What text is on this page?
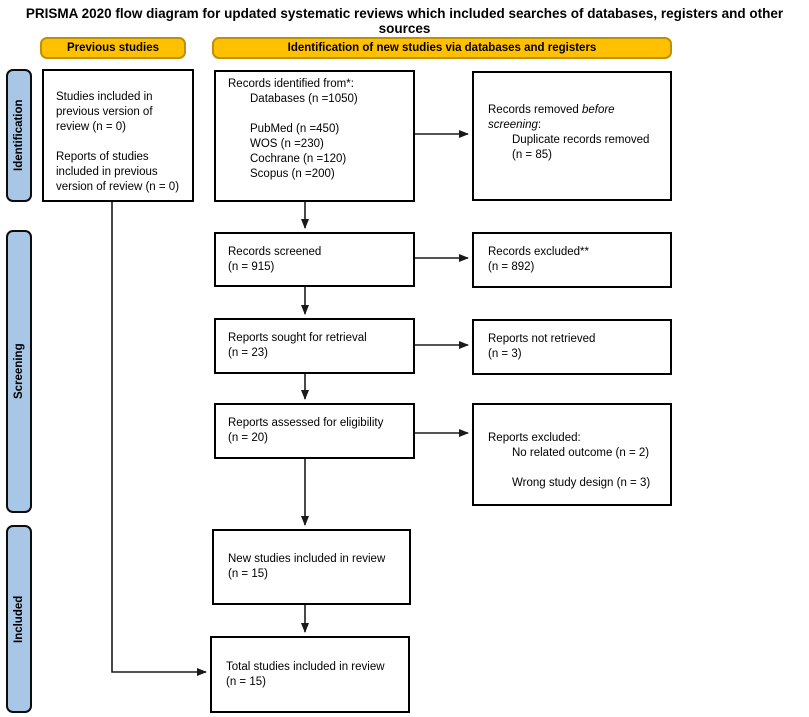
PRISMA 2020 flow diagram for updated systematic reviews which included searches of databases, registers and other sources
Previous studies	Identification of new studies via databases and registers
Identification
Screening
Included
Studies included in previous version of review (n = 0)
Reports of studies included in previous version of review (n = 0)
Records identified from*:
Databases (n =1050)
PubMed (n =450)
WOS (n =230)
Cochrane (n =120)
Scopus (n =200)
Records removed before screening:
Duplicate records removed (n = 85)
Records screened
(n = 915)
Records excluded**
(n = 892)
Reports sought for retrieval
(n = 23)
Reports not retrieved
(n = 3)
Reports assessed for eligibility
(n = 20)	Reports excluded:
No related outcome (n = 2)
Wrong study design (n = 3)
New studies included in review
(n = 15)
Total studies included in review
(n = 15)
